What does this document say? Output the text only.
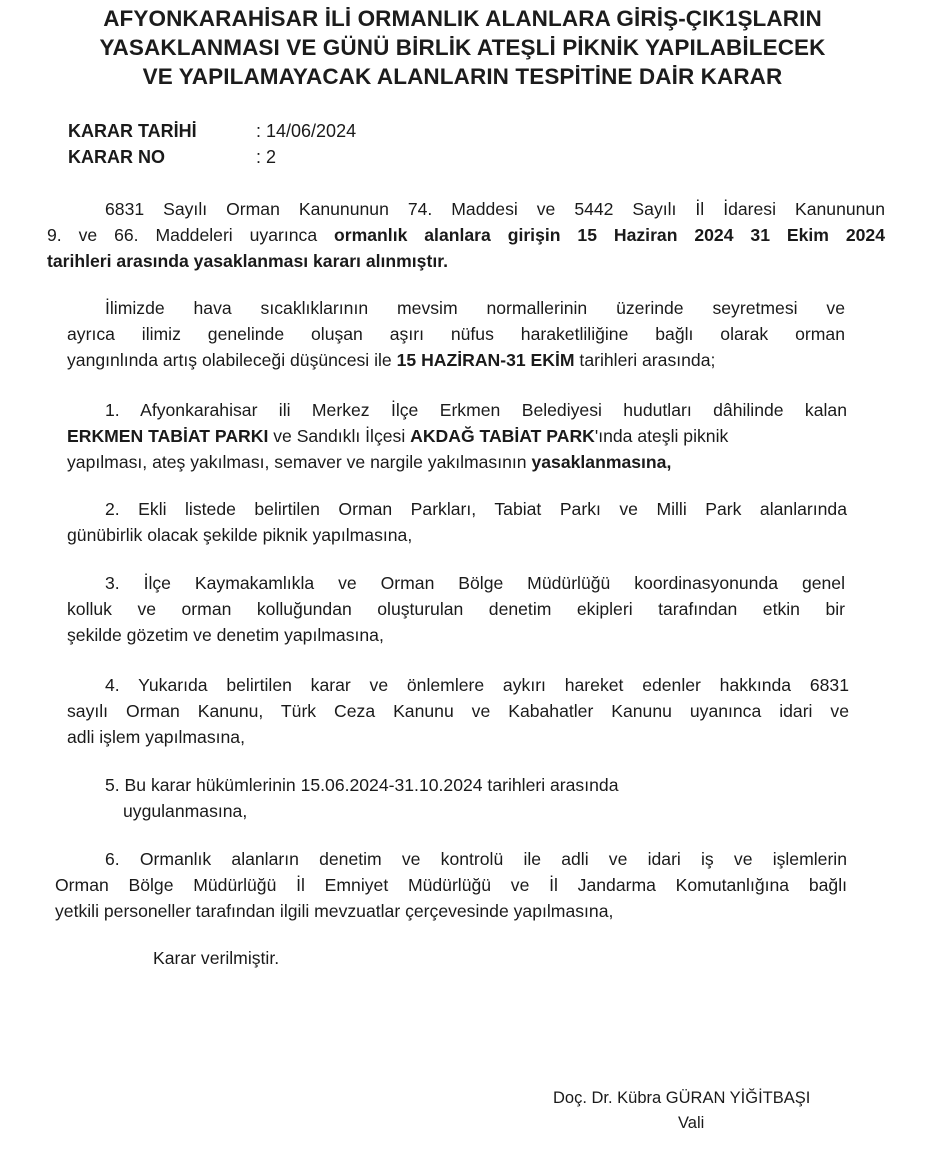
AFYONKARAHİSAR İLİ ORMANLIK ALANLARA GİRİŞ-ÇIK1ŞLARIN
YASAKLANMASI VE GÜNÜ BİRLİK ATEŞLİ PİKNİK YAPILABİLECEK
VE YAPILAMAYACAK ALANLARIN TESPİTİNE DAİR KARAR
KARAR TARİHİ	: 14/06/2024
KARAR NO	: 2
6831 Sayılı Orman Kanununun 74. Maddesi ve 5442 Sayılı İl İdaresi Kanununun
9. ve 66. Maddeleri uyarınca ormanlık alanlara girişin 15 Haziran 2024 31 Ekim 2024
tarihleri arasında yasaklanması kararı alınmıştır.
İlimizde hava sıcaklıklarının mevsim normallerinin üzerinde seyretmesi ve
ayrıca ilimiz genelinde oluşan aşırı nüfus haraketliliğine bağlı olarak orman
yangınlında artış olabileceği düşüncesi ile 15 HAZİRAN-31 EKİM tarihleri arasında;
1. Afyonkarahisar ili Merkez İlçe Erkmen Belediyesi hudutları dâhilinde kalan
ERKMEN TABİAT PARKI ve Sandıklı İlçesi AKDAĞ TABİAT PARK'ında ateşli piknik
yapılması, ateş yakılması, semaver ve nargile yakılmasının yasaklanmasına,
2. Ekli listede belirtilen Orman Parkları, Tabiat Parkı ve Milli Park alanlarında
günübirlik olacak şekilde piknik yapılmasına,
3. İlçe Kaymakamlıkla ve Orman Bölge Müdürlüğü koordinasyonunda genel
kolluk ve orman kolluğundan oluşturulan denetim ekipleri tarafından etkin bir
şekilde gözetim ve denetim yapılmasına,
4. Yukarıda belirtilen karar ve önlemlere aykırı hareket edenler hakkında 6831
sayılı Orman Kanunu, Türk Ceza Kanunu ve Kabahatler Kanunu uyanınca idari ve
adli işlem yapılmasına,
5. Bu karar hükümlerinin 15.06.2024-31.10.2024 tarihleri arasında
uygulanmasına,
6. Ormanlık alanların denetim ve kontrolü ile adli ve idari iş ve işlemlerin
Orman Bölge Müdürlüğü İl Emniyet Müdürlüğü ve İl Jandarma Komutanlığına bağlı
yetkili personeller tarafından ilgili mevzuatlar çerçevesinde yapılmasına,
Karar verilmiştir.
Doç. Dr. Kübra GÜRAN YİĞİTBAŞI
Vali
